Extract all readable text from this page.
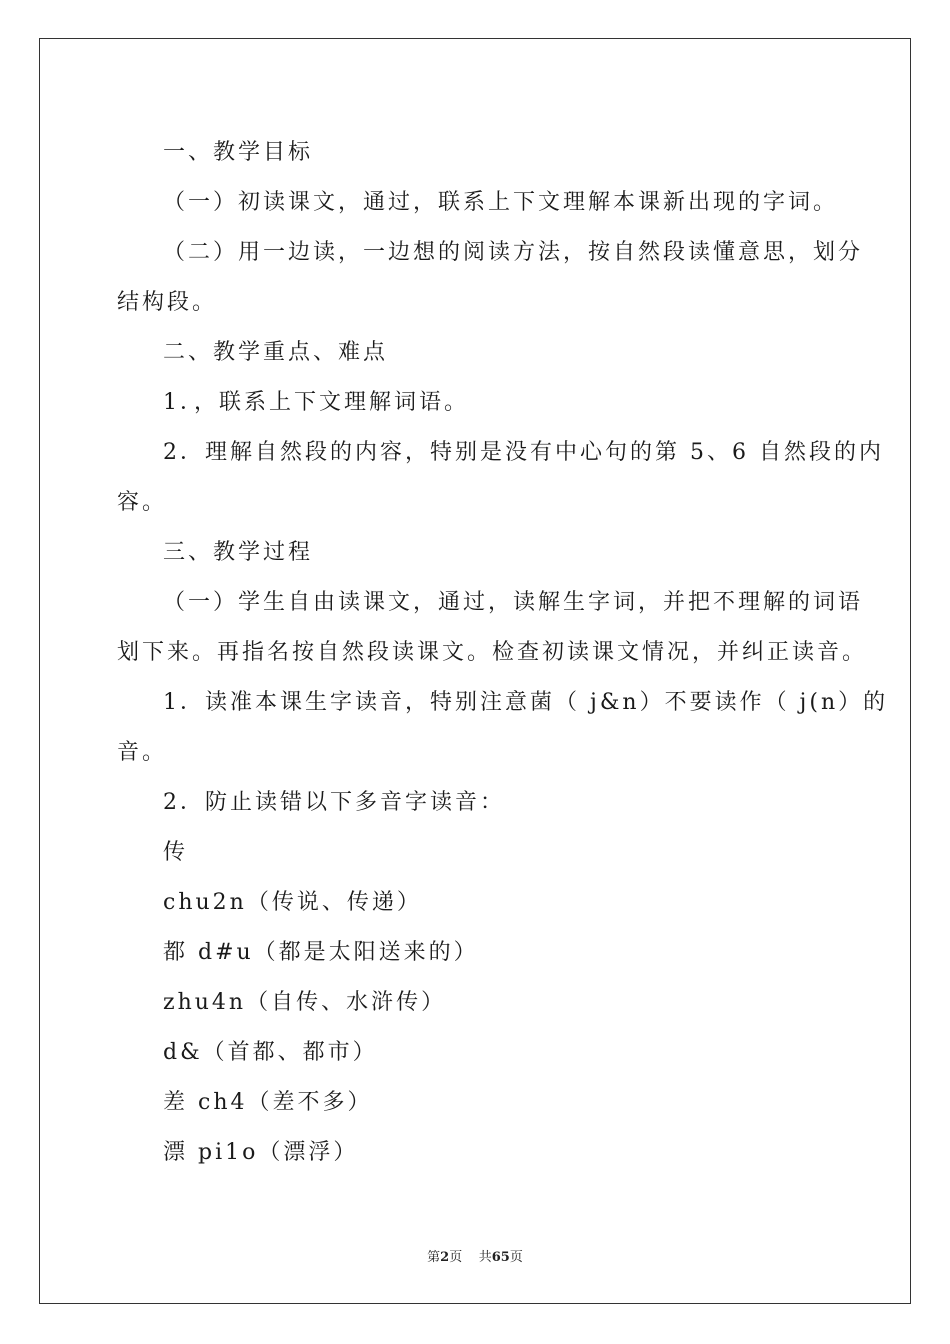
一、教学目标
（一）初读课文，通过，联系上下文理解本课新出现的字词。
（二）用一边读，一边想的阅读方法，按自然段读懂意思，划分
结构段。
二、教学重点、难点
1．，联系上下文理解词语。
2．理解自然段的内容，特别是没有中心句的第 5、6 自然段的内
容。
三、教学过程
（一）学生自由读课文，通过，读解生字词，并把不理解的词语
划下来。再指名按自然段读课文。检查初读课文情况，并纠正读音。
1．读准本课生字读音，特别注意菌（ j&n）不要读作（ j(n）的
音。
2．防止读错以下多音字读音：
传
chu2n（传说、传递）
都 d#u（都是太阳送来的）
zhu4n（自传、水浒传）
d&（首都、都市）
差 ch4（差不多）
漂 pi1o（漂浮）
第2页 共65页
